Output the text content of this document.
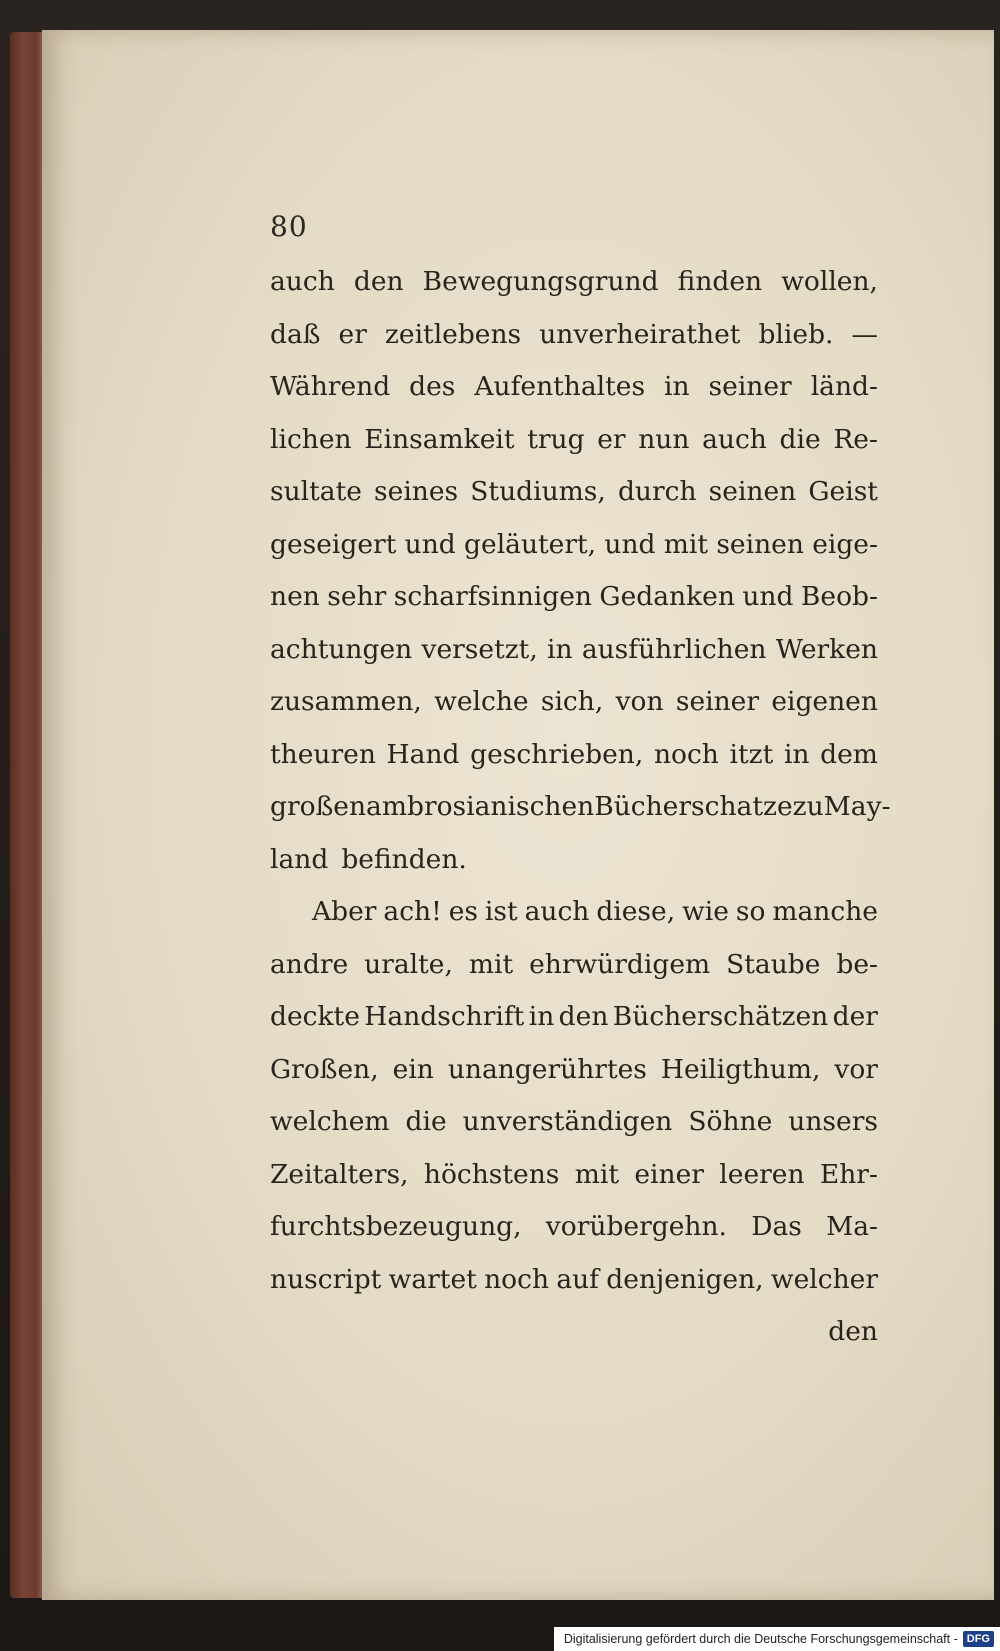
80
auch den Bewegungsgrund finden wollen,
daß er zeitlebens unverheirathet blieb. —
Während des Aufenthaltes in seiner länd-
lichen Einsamkeit trug er nun auch die Re-
sultate seines Studiums, durch seinen Geist
geseigert und geläutert, und mit seinen eige-
nen sehr scharfsinnigen Gedanken und Beob-
achtungen versetzt, in ausführlichen Werken
zusammen, welche sich, von seiner eigenen
theuren Hand geschrieben, noch itzt in dem
großen ambrosianischen Bücherschatze zu May-
land befinden.
Aber ach! es ist auch diese, wie so manche
andre uralte, mit ehrwürdigem Staube be-
deckte Handschrift in den Bücherschätzen der
Großen, ein unangerührtes Heiligthum, vor
welchem die unverständigen Söhne unsers
Zeitalters, höchstens mit einer leeren Ehr-
furchtsbezeugung, vorübergehn. Das Ma-
nuscript wartet noch auf denjenigen, welcher
den
Digitalisierung gefördert durch die Deutsche Forschungsgemeinschaft - DFG
